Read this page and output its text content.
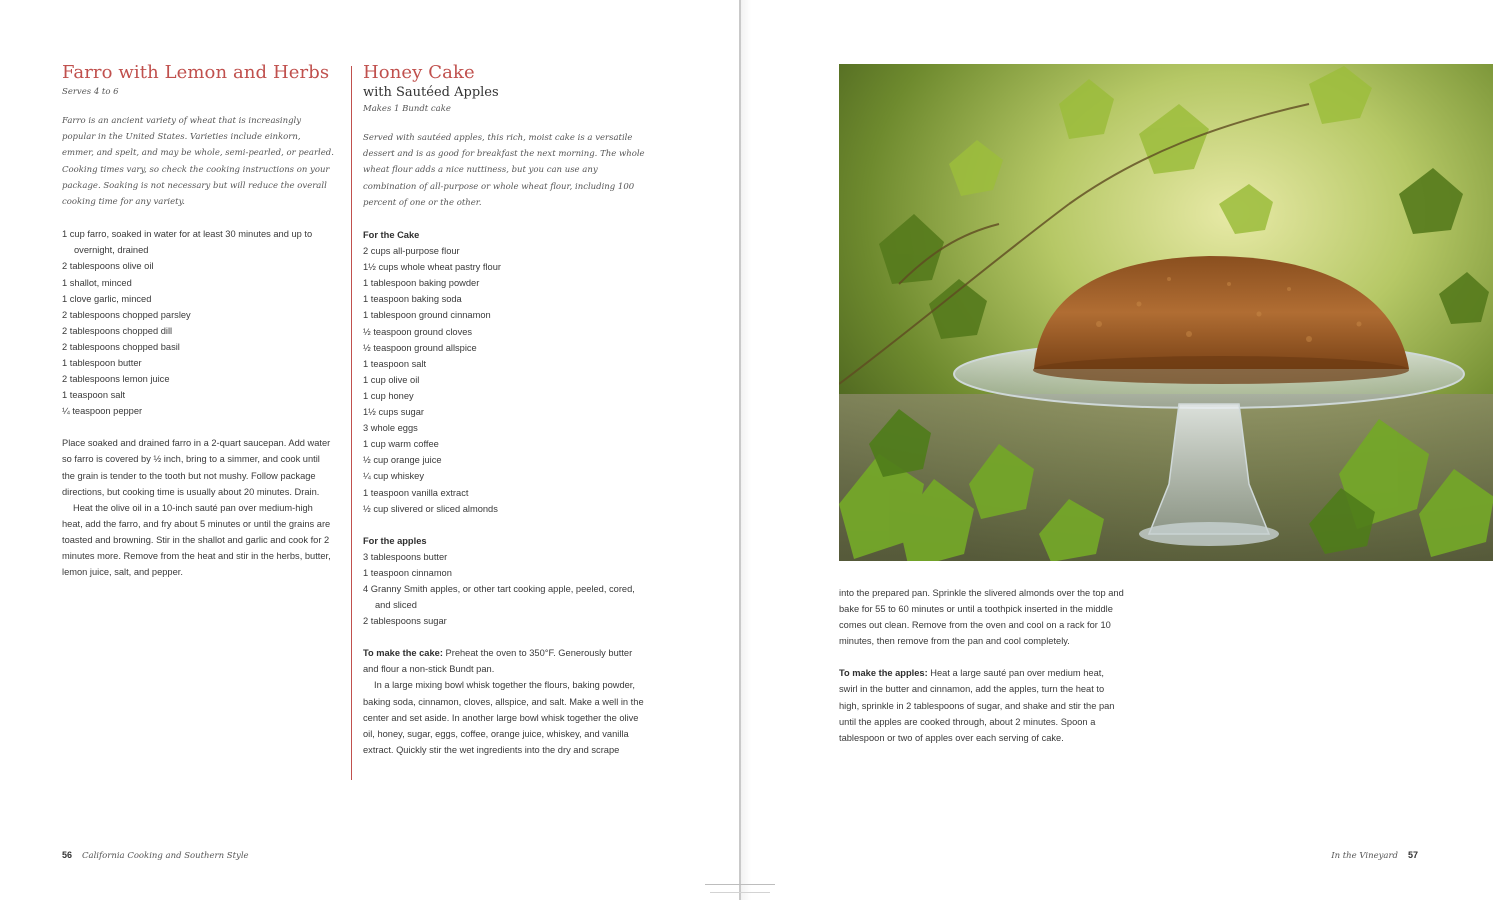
Farro with Lemon and Herbs
Serves 4 to 6

Farro is an ancient variety of wheat that is increasingly popular in the United States. Varieties include einkorn, emmer, and spelt, and may be whole, semi-pearled, or pearled. Cooking times vary, so check the cooking instructions on your package. Soaking is not necessary but will reduce the overall cooking time for any variety.

1 cup farro, soaked in water for at least 30 minutes and up to overnight, drained
2 tablespoons olive oil
1 shallot, minced
1 clove garlic, minced
2 tablespoons chopped parsley
2 tablespoons chopped dill
2 tablespoons chopped basil
1 tablespoon butter
2 tablespoons lemon juice
1 teaspoon salt
¼ teaspoon pepper

Place soaked and drained farro in a 2-quart saucepan. Add water so farro is covered by ½ inch, bring to a simmer, and cook until the grain is tender to the tooth but not mushy. Follow package directions, but cooking time is usually about 20 minutes. Drain.

Heat the olive oil in a 10-inch sauté pan over medium-high heat, add the farro, and fry about 5 minutes or until the grains are toasted and browning. Stir in the shallot and garlic and cook for 2 minutes more. Remove from the heat and stir in the herbs, butter, lemon juice, salt, and pepper.

Honey Cake
with Sautéed Apples
Makes 1 Bundt cake

Served with sautéed apples, this rich, moist cake is a versatile dessert and is as good for breakfast the next morning. The whole wheat flour adds a nice nuttiness, but you can use any combination of all-purpose or whole wheat flour, including 100 percent of one or the other.

For the Cake
2 cups all-purpose flour
1½ cups whole wheat pastry flour
1 tablespoon baking powder
1 teaspoon baking soda
1 tablespoon ground cinnamon
½ teaspoon ground cloves
½ teaspoon ground allspice
1 teaspoon salt
1 cup olive oil
1 cup honey
1½ cups sugar
3 whole eggs
1 cup warm coffee
½ cup orange juice
¼ cup whiskey
1 teaspoon vanilla extract
½ cup slivered or sliced almonds
For the apples
3 tablespoons butter
1 teaspoon cinnamon
4 Granny Smith apples, or other tart cooking apple, peeled, cored, and sliced
2 tablespoons sugar

To make the cake: Preheat the oven to 350°F. Generously butter and flour a non-stick Bundt pan.

In a large mixing bowl whisk together the flours, baking powder, baking soda, cinnamon, cloves, allspice, and salt. Make a well in the center and set aside. In another large bowl whisk together the olive oil, honey, sugar, eggs, coffee, orange juice, whiskey, and vanilla extract. Quickly stir the wet ingredients into the dry and scrape

into the prepared pan. Sprinkle the slivered almonds over the top and bake for 55 to 60 minutes or until a toothpick inserted in the middle comes out clean. Remove from the oven and cool on a rack for 10 minutes, then remove from the pan and cool completely.

To make the apples: Heat a large sauté pan over medium heat, swirl in the butter and cinnamon, add the apples, turn the heat to high, sprinkle in 2 tablespoons of sugar, and shake and stir the pan until the apples are cooked through, about 2 minutes. Spoon a tablespoon or two of apples over each serving of cake.

56 California Cooking and Southern Style	In the Vineyard 57
